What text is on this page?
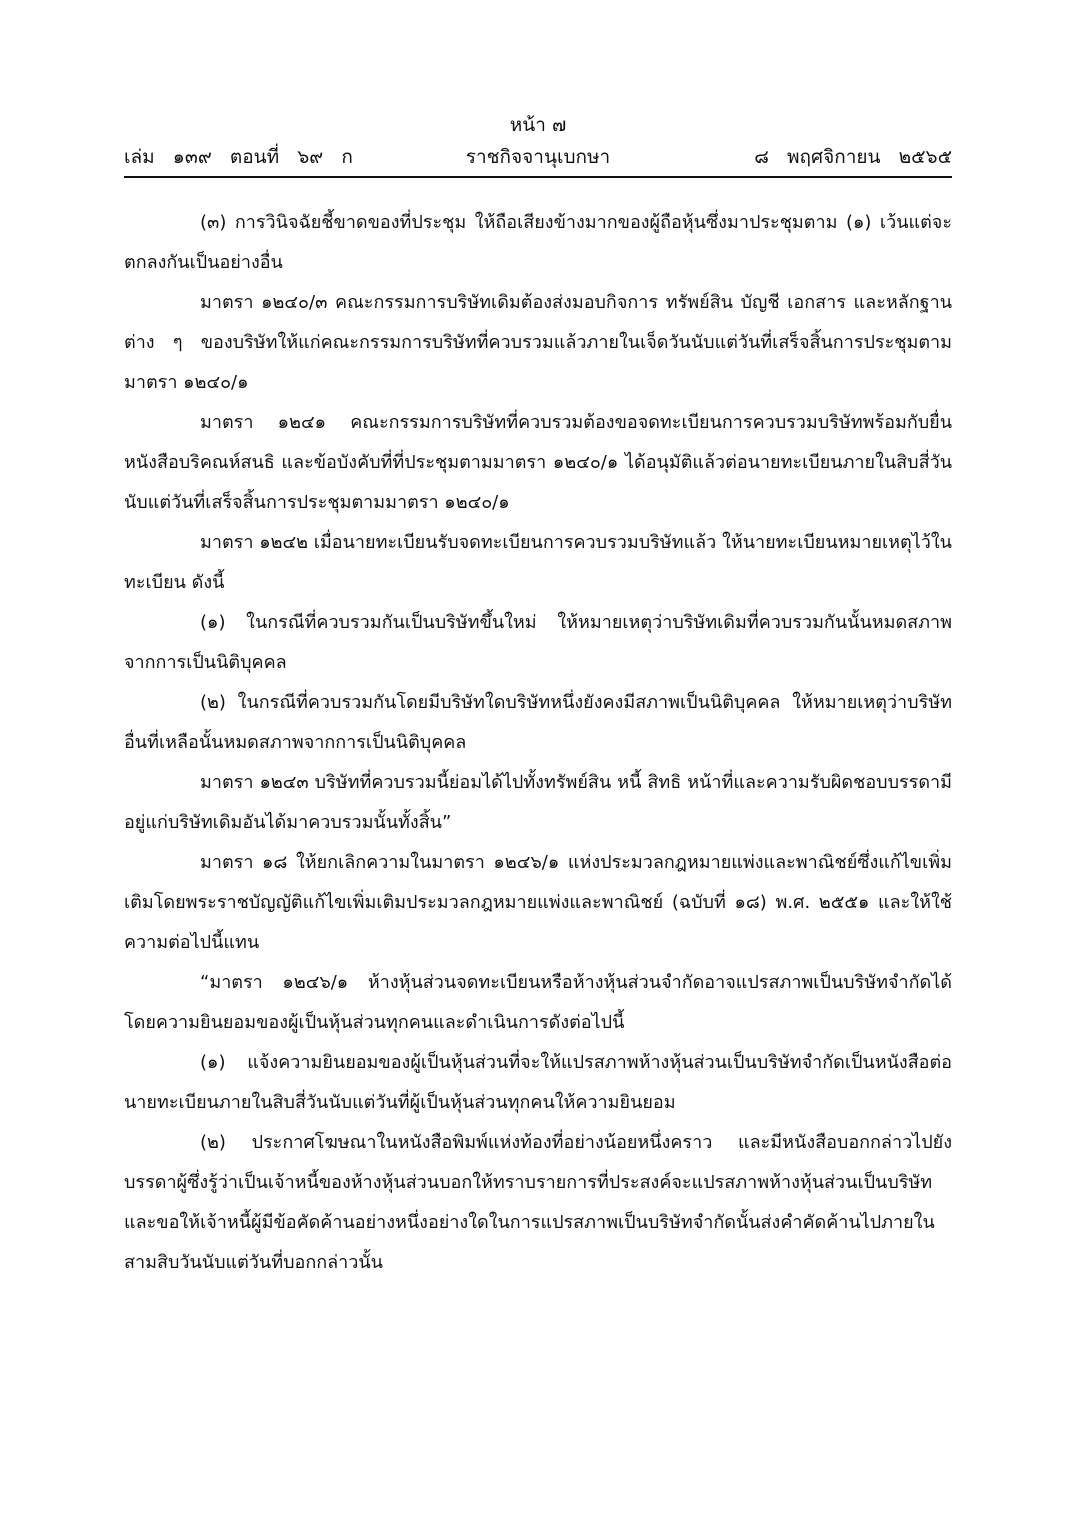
หน้า ๗
เล่ม   ๑๓๙   ตอนที่   ๖๙   ก	ราชกิจจานุเบกษา	๘   พฤศจิกายน   ๒๕๖๕

(๓) การวินิจฉัยชี้ขาดของที่ประชุม ให้ถือเสียงข้างมากของผู้ถือหุ้นซึ่งมาประชุมตาม (๑) เว้นแต่จะตกลงกันเป็นอย่างอื่น

มาตรา ๑๒๔๐/๓ คณะกรรมการบริษัทเดิมต้องส่งมอบกิจการ ทรัพย์สิน บัญชี เอกสาร และหลักฐานต่าง ๆ ของบริษัทให้แก่คณะกรรมการบริษัทที่ควบรวมแล้วภายในเจ็ดวันนับแต่วันที่เสร็จสิ้นการประชุมตามมาตรา ๑๒๔๐/๑

มาตรา ๑๒๔๑ คณะกรรมการบริษัทที่ควบรวมต้องขอจดทะเบียนการควบรวมบริษัทพร้อมกับยื่นหนังสือบริคณห์สนธิ และข้อบังคับที่ที่ประชุมตามมาตรา ๑๒๔๐/๑ ได้อนุมัติแล้วต่อนายทะเบียนภายในสิบสี่วันนับแต่วันที่เสร็จสิ้นการประชุมตามมาตรา ๑๒๔๐/๑

มาตรา ๑๒๔๒ เมื่อนายทะเบียนรับจดทะเบียนการควบรวมบริษัทแล้ว ให้นายทะเบียนหมายเหตุไว้ในทะเบียน ดังนี้

(๑) ในกรณีที่ควบรวมกันเป็นบริษัทขึ้นใหม่ ให้หมายเหตุว่าบริษัทเดิมที่ควบรวมกันนั้นหมดสภาพจากการเป็นนิติบุคคล

(๒) ในกรณีที่ควบรวมกันโดยมีบริษัทใดบริษัทหนึ่งยังคงมีสภาพเป็นนิติบุคคล ให้หมายเหตุว่าบริษัทอื่นที่เหลือนั้นหมดสภาพจากการเป็นนิติบุคคล

มาตรา ๑๒๔๓ บริษัทที่ควบรวมนี้ย่อมได้ไปทั้งทรัพย์สิน หนี้ สิทธิ หน้าที่และความรับผิดชอบบรรดามีอยู่แก่บริษัทเดิมอันได้มาควบรวมนั้นทั้งสิ้น”

มาตรา ๑๘ ให้ยกเลิกความในมาตรา ๑๒๔๖/๑ แห่งประมวลกฎหมายแพ่งและพาณิชย์ซึ่งแก้ไขเพิ่มเติมโดยพระราชบัญญัติแก้ไขเพิ่มเติมประมวลกฎหมายแพ่งและพาณิชย์ (ฉบับที่ ๑๘) พ.ศ. ๒๕๕๑ และให้ใช้ความต่อไปนี้แทน

“มาตรา ๑๒๔๖/๑ ห้างหุ้นส่วนจดทะเบียนหรือห้างหุ้นส่วนจำกัดอาจแปรสภาพเป็นบริษัทจำกัดได้ โดยความยินยอมของผู้เป็นหุ้นส่วนทุกคนและดำเนินการดังต่อไปนี้

(๑) แจ้งความยินยอมของผู้เป็นหุ้นส่วนที่จะให้แปรสภาพห้างหุ้นส่วนเป็นบริษัทจำกัดเป็นหนังสือต่อนายทะเบียนภายในสิบสี่วันนับแต่วันที่ผู้เป็นหุ้นส่วนทุกคนให้ความยินยอม

(๒) ประกาศโฆษณาในหนังสือพิมพ์แห่งท้องที่อย่างน้อยหนึ่งคราว และมีหนังสือบอกกล่าวไปยังบรรดาผู้ซึ่งรู้ว่าเป็นเจ้าหนี้ของห้างหุ้นส่วนบอกให้ทราบรายการที่ประสงค์จะแปรสภาพห้างหุ้นส่วนเป็นบริษัท และขอให้เจ้าหนี้ผู้มีข้อคัดค้านอย่างหนึ่งอย่างใดในการแปรสภาพเป็นบริษัทจำกัดนั้นส่งคำคัดค้านไปภายในสามสิบวันนับแต่วันที่บอกกล่าวนั้น
